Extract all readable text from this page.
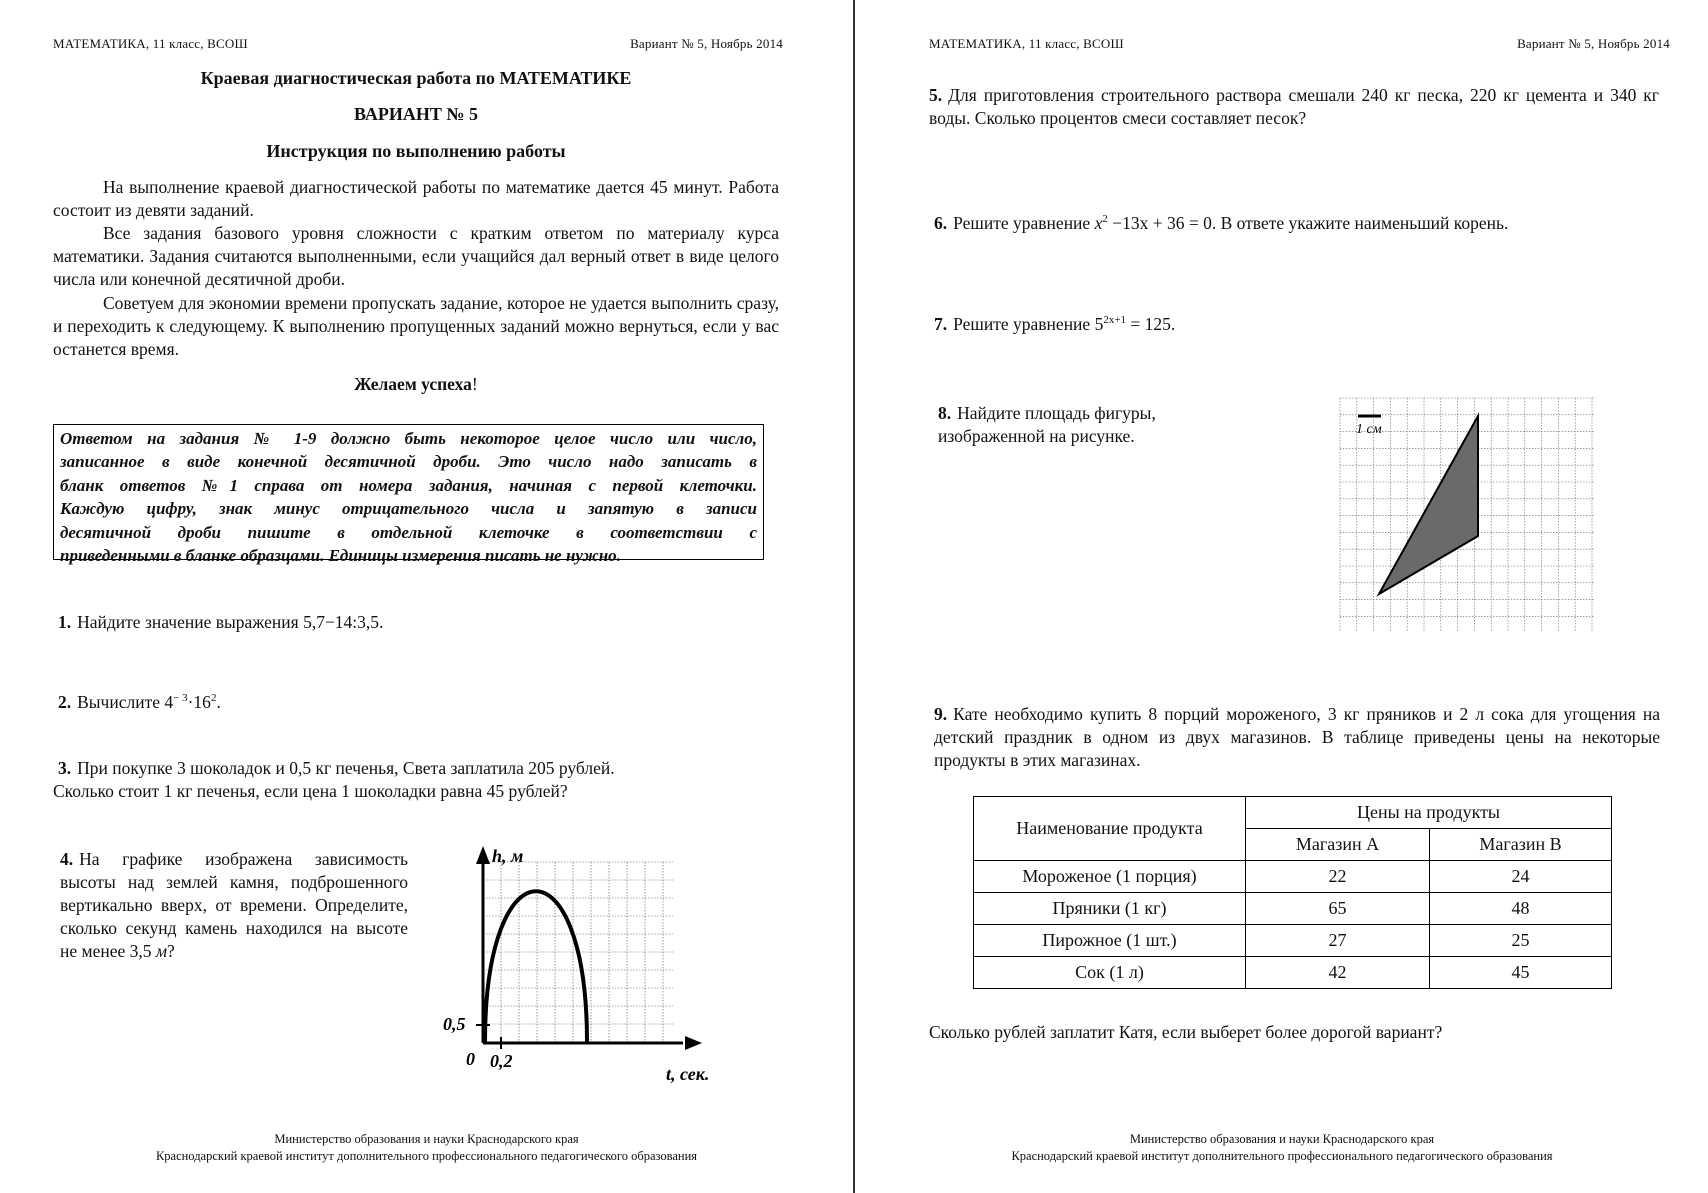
МАТЕМАТИКА, 11 класс, ВСОШ	Вариант № 5, Ноябрь 2014
Краевая диагностическая работа по МАТЕМАТИКЕ
ВАРИАНТ № 5
Инструкция по выполнению работы
На выполнение краевой диагностической работы по математике дается 45 минут. Работа состоит из девяти заданий.
Все задания базового уровня сложности с кратким ответом по материалу курса математики. Задания считаются выполненными, если учащийся дал верный ответ в виде целого числа или конечной десятичной дроби.
Советуем для экономии времени пропускать задание, которое не удается выполнить сразу, и переходить к следующему. К выполнению пропущенных заданий можно вернуться, если у вас останется время.
Желаем успеха!
Ответом на задания № 1-9 должно быть некоторое целое число или число,
записанное в виде конечной десятичной дроби. Это число надо записать в
бланк ответов №1 справа от номера задания, начиная с первой клеточки.
Каждую цифру, знак минус отрицательного числа и запятую в записи
десятичной дроби пишите в отдельной клеточке в соответствии с
приведенными в бланке образцами. Единицы измерения писать не нужно.
1. Найдите значение выражения 5,7−14:3,5.
2. Вычислите $4^{- 3}\cdot 16^2$.
3. При покупке 3 шоколадок и 0,5 кг печенья, Света заплатила 205 рублей.
Сколько стоит 1 кг печенья, если цена 1 шоколадки равна 45 рублей?
4. На графике изображена зависимость высоты над землей камня, подброшенного вертикально вверх, от времени. Определите, сколько секунд камень находился на высоте не менее 3,5 м?
h, м
t, сек.
0,5
0,2
0
Министерство образования и науки Краснодарского края
Краснодарский краевой институт дополнительного профессионального педагогического образования
МАТЕМАТИКА, 11 класс, ВСОШ	Вариант № 5, Ноябрь 2014
5. Для приготовления строительного раствора смешали 240 кг песка, 220 кг цемента и 340 кг воды. Сколько процентов смеси составляет песок?
6. Решите уравнение $x^2 -13x + 36 = 0$. В ответе укажите наименьший корень.
7. Решите уравнение $5^{2x+1} = 125$.
8. Найдите площадь фигуры,
изображенной на рисунке.	1 см
9. Кате необходимо купить 8 порций мороженого, 3 кг пряников и 2 л сока для угощения на детский праздник в одном из двух магазинов. В таблице приведены цены на некоторые продукты в этих магазинах.
Наименование продукта	Цены на продукты	
	Магазин А	Магазин В
Мороженое (1 порция)	22	24
Пряники (1 кг)	65	48
Пирожное (1 шт.)	27	25
Сок (1 л)	42	45
Сколько рублей заплатит Катя, если выберет более дорогой вариант?
Министерство образования и науки Краснодарского края
Краснодарский краевой институт дополнительного профессионального педагогического образования
